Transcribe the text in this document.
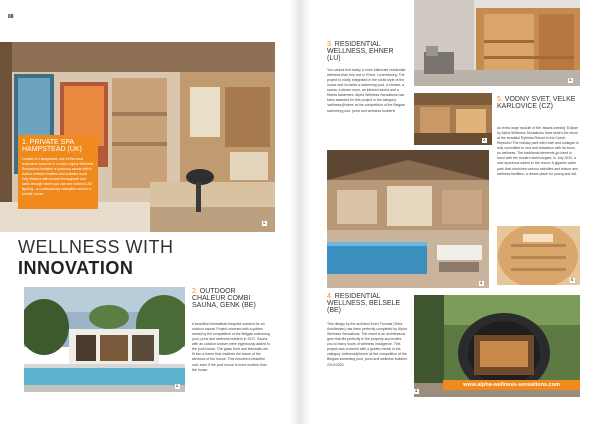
88
1.
1. PRIVATE SPA HAMPSTEAD (UK)

Located in Hampstead, one of the most expensive suburbs in London, Alpha Wellness Sensations installed a spacious sauna with 6 built-in infrared heaters and a steam room fully finished with mosaic throughout! And walls through which you can see indirect LED lighting - a contemporary relaxation area in a private house.

WELLNESS WITH
INNOVATION
2.
2. OUTDOOR CHALEUR COMBI SAUNA, GENK (BE)

A beautiful minimalistic bespoke solution for an outdoor sauna! Project crowned with a golden medal by the competition of the Belgian swimming pool, pond and wellness builders in 2017. Sauna with an outdoor shower were ingeniously added to the pool house. The glass front and sidewalls are fit into a frame that matches the frame of the windows of the house. This ensures a beautiful unit, even if the pool house is more modern than the house.

3. RESIDENTIAL WELLNESS, EHNER (LU)

You cannot find easily a more elaborate residential wellness than this one in Ehner, Luxembourg. The project is nicely integrated in the rustic style of the house and includes a swimming pool, a shower, a sauna, a steam room, an infrared sauna and a fitness basement. Alpha Wellness Sensations has been awarded for this project in the category 'wellness@home' at the competition of the Belgian swimming pool, pond and wellness builders!

3.
2.
5. VODNY SVET, VELKE KARLOVICE (CZ)

An extra large module of the 'award-winning' Eclipse by Alpha Wellness Sensations have stolen the show at the beautiful Rytirska Resort in the Czech Republic! The holiday park with hotel and cottages is fully committed to rest and relaxation with its focus on wellness. The traditional elements go hand in hand with the modern technologies. In July 2020, a new spaceous added to the resort. A gigantic water park that combines various activities and leisure and wellness facilities, a dream place for young and old.

4.
5.
4. RESIDENTIAL WELLNESS, BELSELE (BE)

This design by the architect Koen Thomas (Tetra Architecten) has been perfectly completed by Alpha Wellness Sensations. The result is an architectural gem that fits perfectly in the property and invites you to many hours of wellness indulgence. This project was crowned with a golden medal in the category 'wellness@home' at the competition of the Belgian swimming pool, pond and wellness builders 2019/2020.

4.
www.alpha-wellness-sensations.com
